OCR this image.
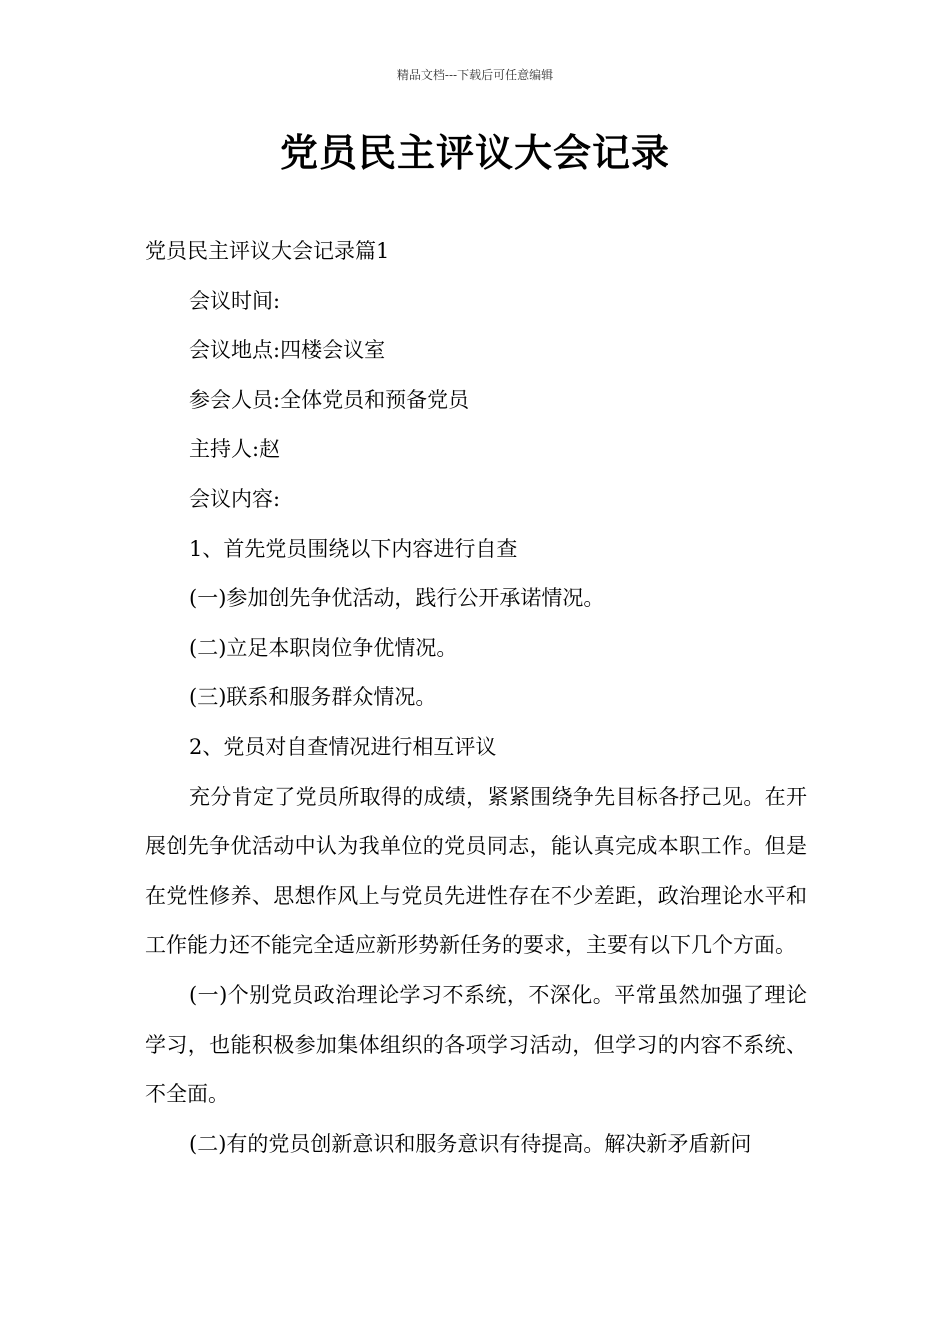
精品文档---下载后可任意编辑
党员民主评议大会记录

党员民主评议大会记录篇1

会议时间:

会议地点:四楼会议室

参会人员:全体党员和预备党员

主持人:赵

会议内容:

1、首先党员围绕以下内容进行自查

(一)参加创先争优活动，践行公开承诺情况。

(二)立足本职岗位争优情况。

(三)联系和服务群众情况。

2、党员对自查情况进行相互评议

充分肯定了党员所取得的成绩，紧紧围绕争先目标各抒己见。在开展创先争优活动中认为我单位的党员同志，能认真完成本职工作。但是在党性修养、思想作风上与党员先进性存在不少差距，政治理论水平和工作能力还不能完全适应新形势新任务的要求，主要有以下几个方面。

(一)个别党员政治理论学习不系统，不深化。平常虽然加强了理论学习，也能积极参加集体组织的各项学习活动，但学习的内容不系统、不全面。

(二)有的党员创新意识和服务意识有待提高。解决新矛盾新问
